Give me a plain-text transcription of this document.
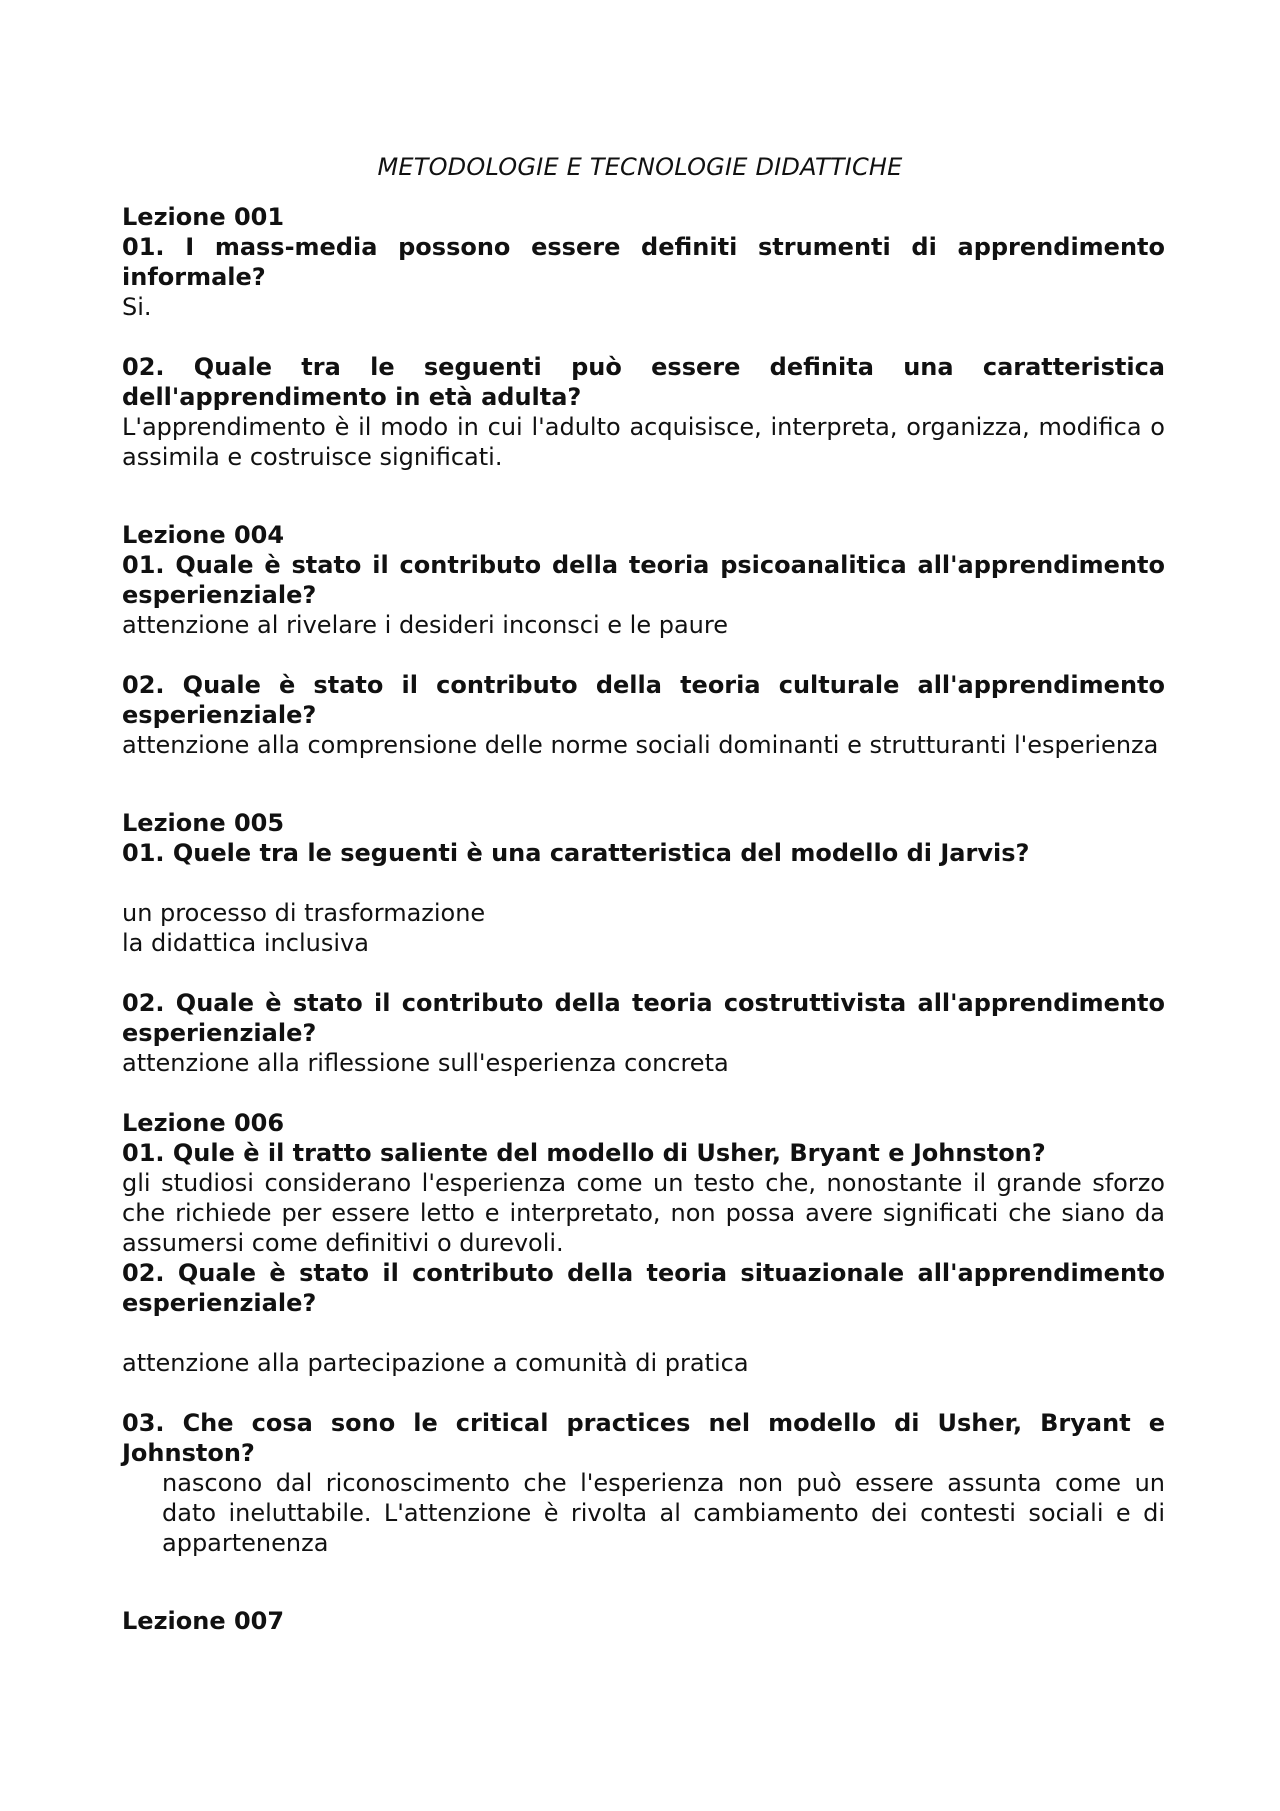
METODOLOGIE E TECNOLOGIE DIDATTICHE

Lezione 001

01. I mass-media possono essere definiti strumenti di apprendimento informale?

Si.

02. Quale tra le seguenti può essere definita una caratteristica dell'apprendimento in età adulta?

L'apprendimento è il modo in cui l'adulto acquisisce, interpreta, organizza, modifica o assimila e costruisce significati.

Lezione 004

01. Quale è stato il contributo della teoria psicoanalitica all'apprendimento esperienziale?

attenzione al rivelare i desideri inconsci e le paure

02. Quale è stato il contributo della teoria culturale all'apprendimento esperienziale?

attenzione alla comprensione delle norme sociali dominanti e strutturanti l'esperienza

Lezione 005

01. Quele tra le seguenti è una caratteristica del modello di Jarvis?

un processo di trasformazione

la didattica inclusiva

02. Quale è stato il contributo della teoria costruttivista all'apprendimento esperienziale?

attenzione alla riflessione sull'esperienza concreta

Lezione 006

01. Qule è il tratto saliente del modello di Usher, Bryant e Johnston?

gli studiosi considerano l'esperienza come un testo che, nonostante il grande sforzo che richiede per essere letto e interpretato, non possa avere significati che siano da assumersi come definitivi o durevoli.

02. Quale è stato il contributo della teoria situazionale all'apprendimento esperienziale?

attenzione alla partecipazione a comunità di pratica

03. Che cosa sono le critical practices nel modello di Usher, Bryant e Johnston?

nascono dal riconoscimento che l'esperienza non può essere assunta come un dato ineluttabile. L'attenzione è rivolta al cambiamento dei contesti sociali e di appartenenza

Lezione 007
